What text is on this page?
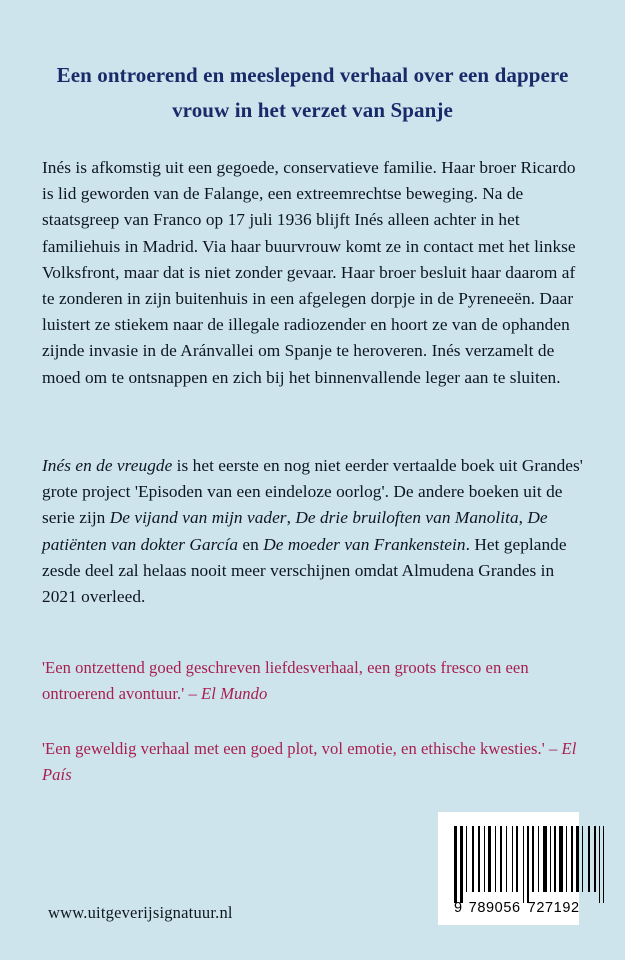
Een ontroerend en meeslepend verhaal over een dappere
vrouw in het verzet van Spanje

Inés is afkomstig uit een gegoede, conservatieve familie. Haar broer Ricardo is lid geworden van de Falange, een extreemrechtse beweging. Na de staatsgreep van Franco op 17 juli 1936 blijft Inés alleen achter in het familiehuis in Madrid. Via haar buurvrouw komt ze in contact met het linkse Volksfront, maar dat is niet zonder gevaar. Haar broer besluit haar daarom af te zonderen in zijn buitenhuis in een afgelegen dorpje in de Pyreneeën. Daar luistert ze stiekem naar de illegale radiozender en hoort ze van de ophanden zijnde invasie in de Aránvallei om Spanje te heroveren. Inés verzamelt de moed om te ontsnappen en zich bij het binnenvallende leger aan te sluiten.

Inés en de vreugde is het eerste en nog niet eerder vertaalde boek uit Grandes' grote project 'Episoden van een eindeloze oorlog'. De andere boeken uit de serie zijn De vijand van mijn vader, De drie bruiloften van Manolita, De patiënten van dokter García en De moeder van Frankenstein. Het geplande zesde deel zal helaas nooit meer verschijnen omdat Almudena Grandes in 2021 overleed.

'Een ontzettend goed geschreven liefdesverhaal, een groots fresco en een ontroerend avontuur.' – El Mundo
'Een geweldig verhaal met een goed plot, vol emotie, en ethische kwesties.' – El País
www.uitgeverijsignatuur.nl	9 789056 727192
